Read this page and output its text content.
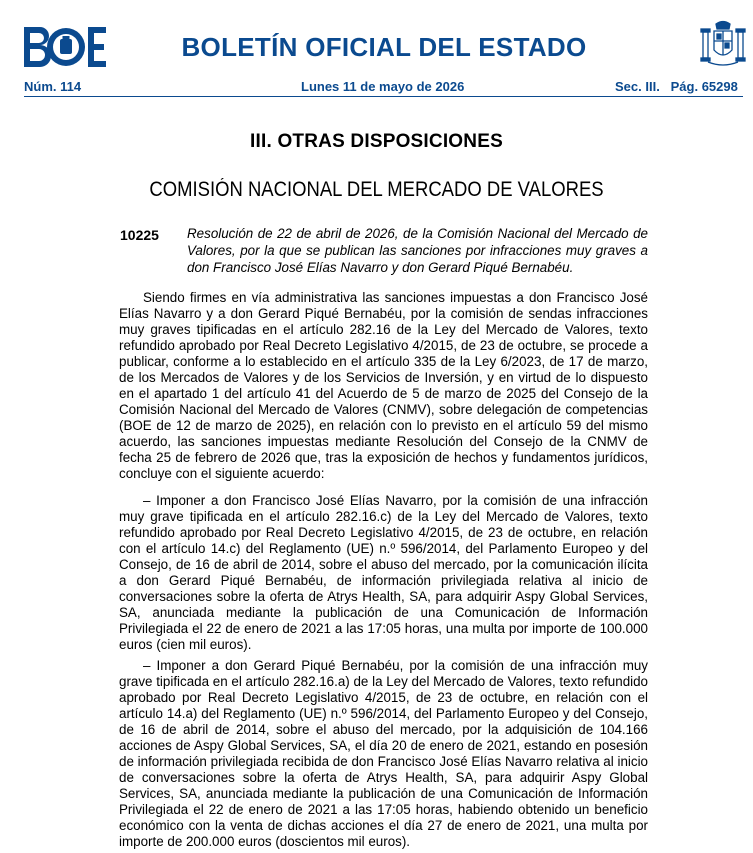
BOLETÍN OFICIAL DEL ESTADO
Núm. 114	Lunes 11 de mayo de 2026	Sec. III.   Pág. 65298
III. OTRAS DISPOSICIONES
COMISIÓN NACIONAL DEL MERCADO DE VALORES
10225 Resolución de 22 de abril de 2026, de la Comisión Nacional del Mercado de Valores, por la que se publican las sanciones por infracciones muy graves a don Francisco José Elías Navarro y don Gerard Piqué Bernabéu.

Siendo firmes en vía administrativa las sanciones impuestas a don Francisco José Elías Navarro y a don Gerard Piqué Bernabéu, por la comisión de sendas infracciones muy graves tipificadas en el artículo 282.16 de la Ley del Mercado de Valores, texto refundido aprobado por Real Decreto Legislativo 4/2015, de 23 de octubre, se procede a publicar, conforme a lo establecido en el artículo 335 de la Ley 6/2023, de 17 de marzo, de los Mercados de Valores y de los Servicios de Inversión, y en virtud de lo dispuesto en el apartado 1 del artículo 41 del Acuerdo de 5 de marzo de 2025 del Consejo de la Comisión Nacional del Mercado de Valores (CNMV), sobre delegación de competencias (BOE de 12 de marzo de 2025), en relación con lo previsto en el artículo 59 del mismo acuerdo, las sanciones impuestas mediante Resolución del Consejo de la CNMV de fecha 25 de febrero de 2026 que, tras la exposición de hechos y fundamentos jurídicos, concluye con el siguiente acuerdo:

– Imponer a don Francisco José Elías Navarro, por la comisión de una infracción muy grave tipificada en el artículo 282.16.c) de la Ley del Mercado de Valores, texto refundido aprobado por Real Decreto Legislativo 4/2015, de 23 de octubre, en relación con el artículo 14.c) del Reglamento (UE) n.º 596/2014, del Parlamento Europeo y del Consejo, de 16 de abril de 2014, sobre el abuso del mercado, por la comunicación ilícita a don Gerard Piqué Bernabéu, de información privilegiada relativa al inicio de conversaciones sobre la oferta de Atrys Health, SA, para adquirir Aspy Global Services, SA, anunciada mediante la publicación de una Comunicación de Información Privilegiada el 22 de enero de 2021 a las 17:05 horas, una multa por importe de 100.000 euros (cien mil euros).

– Imponer a don Gerard Piqué Bernabéu, por la comisión de una infracción muy grave tipificada en el artículo 282.16.a) de la Ley del Mercado de Valores, texto refundido aprobado por Real Decreto Legislativo 4/2015, de 23 de octubre, en relación con el artículo 14.a) del Reglamento (UE) n.º 596/2014, del Parlamento Europeo y del Consejo, de 16 de abril de 2014, sobre el abuso del mercado, por la adquisición de 104.166 acciones de Aspy Global Services, SA, el día 20 de enero de 2021, estando en posesión de información privilegiada recibida de don Francisco José Elías Navarro relativa al inicio de conversaciones sobre la oferta de Atrys Health, SA, para adquirir Aspy Global Services, SA, anunciada mediante la publicación de una Comunicación de Información Privilegiada el 22 de enero de 2021 a las 17:05 horas, habiendo obtenido un beneficio económico con la venta de dichas acciones el día 27 de enero de 2021, una multa por importe de 200.000 euros (doscientos mil euros).
